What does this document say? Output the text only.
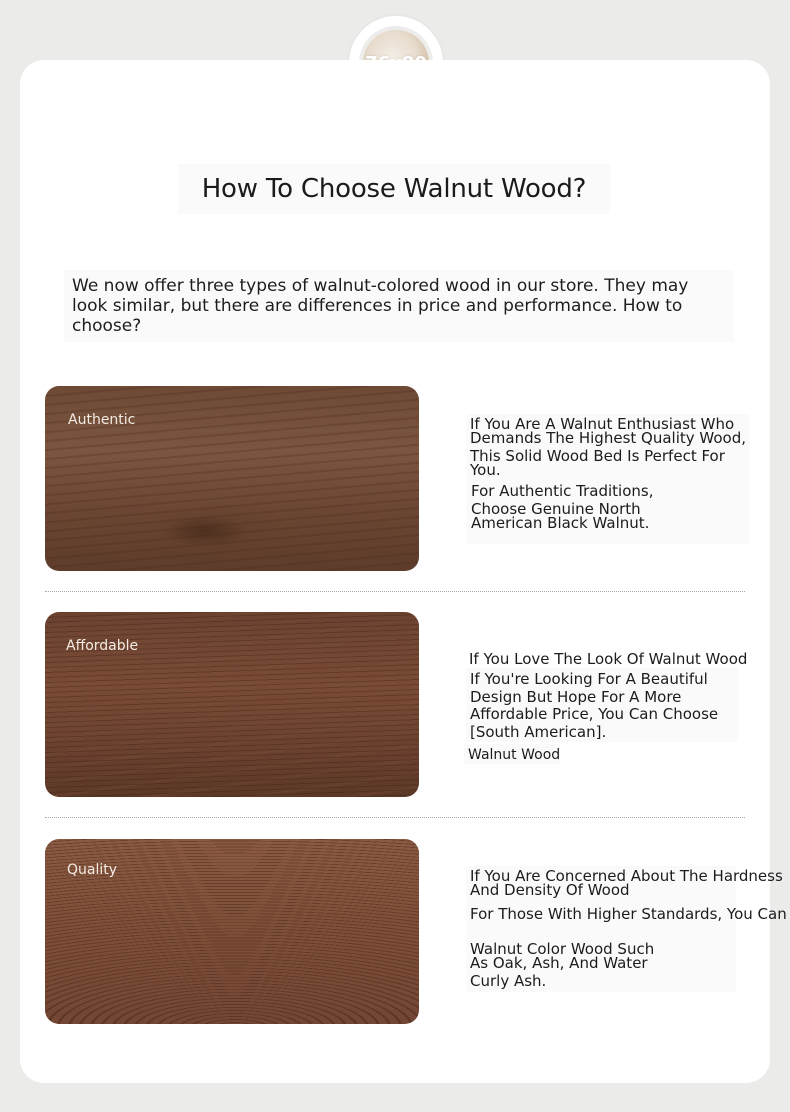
How To Choose Walnut Wood?

We now offer three types of walnut-colored wood in our store. They may look similar, but there are differences in price and performance. How to choose?

Authentic	If You Are A Walnut Enthusiast Who
Demands The Highest Quality Wood,
This Solid Wood Bed Is Perfect For
You.
For Authentic Traditions,
Choose Genuine North
American Black Walnut.
Affordable
If You Love The Look Of Walnut Wood
If You're Looking For A Beautiful
Design But Hope For A More
Affordable Price, You Can Choose
[South American].
Walnut Wood
Quality	If You Are Concerned About The Hardness
And Density Of Wood
For Those With Higher Standards, You Can
Walnut Color Wood Such
As Oak, Ash, And Water
Curly Ash.
